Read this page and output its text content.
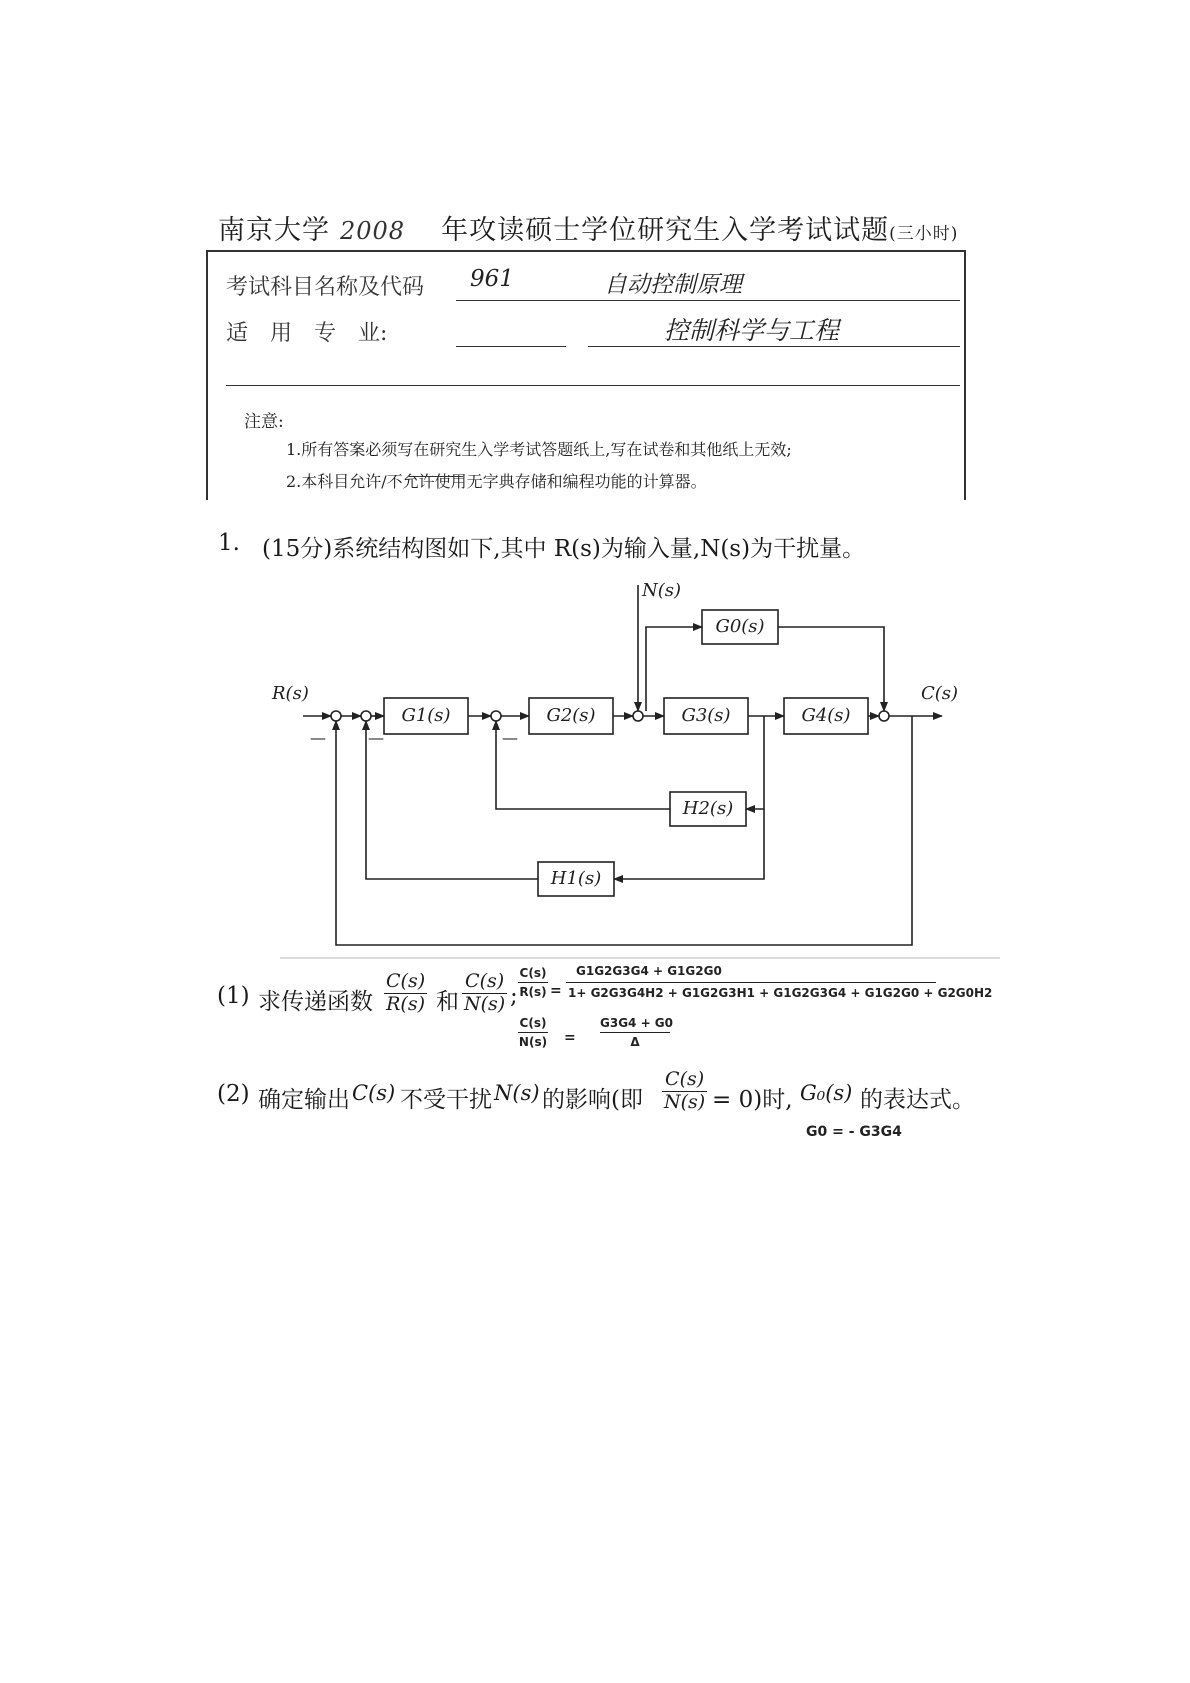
南京大学 2008 年攻读硕士学位研究生入学考试试题(三小时)
考试科目名称及代码 961	自动控制原理
适　用　专　业:	控制科学与工程
注意:
1.所有答案必须写在研究生入学考试答题纸上,写在试卷和其他纸上无效;
2.本科目允许/不允许使用无字典存储和编程功能的计算器。
1. (15分)系统结构图如下,其中 R(s)为输入量,N(s)为干扰量。
R(s)	C(s)
N(s)
G1(s)	G2(s)	G3(s)	G4(s)
G0(s)
H1(s)
H2(s)
—	—	—
(1) 求传递函数 $\frac{C(s)}{R(s)}$ 和 $\frac{C(s)}{N(s)}$ ;
C(s)
R(s) =
G1G2G3G4 + G1G2G0
1+ G2G3G4H2 + G1G2G3H1 + G1G2G3G4 + G1G2G0 + G2G0H2
C(s)
N(s) =
G3G4 + G0
Δ
(2) 确定输出 C(s) 不受干扰 N(s) 的影响(即 $\frac{C(s)}{N(s)} = 0$)时, G₀(s) 的表达式。
G0 = - G3G4
